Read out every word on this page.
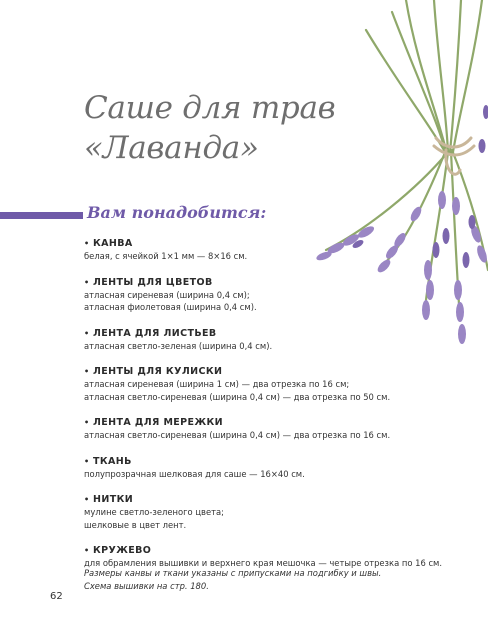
Саше для трав
«Лаванда»
Вам понадобится:
• КАНВА
белая, с ячейкой 1×1 мм — 8×16 см.
• ЛЕНТЫ ДЛЯ ЦВЕТОВ
атласная сиреневая (ширина 0,4 см);
атласная фиолетовая (ширина 0,4 см).
• ЛЕНТА ДЛЯ ЛИСТЬЕВ
атласная светло-зеленая (ширина 0,4 см).
• ЛЕНТЫ ДЛЯ КУЛИСКИ
атласная сиреневая (ширина 1 см) — два отрезка по 16 см;
атласная светло-сиреневая (ширина 0,4 см) — два отрезка по 50 см.
• ЛЕНТА ДЛЯ МЕРЕЖКИ
атласная светло-сиреневая (ширина 0,4 см) — два отрезка по 16 см.
• ТКАНЬ
полупрозрачная шелковая для саше — 16×40 см.
• НИТКИ
мулине светло-зеленого цвета;
шелковые в цвет лент.
• КРУЖЕВО
для обрамления вышивки и верхнего края мешочка — четыре отрезка по 16 см.
Размеры канвы и ткани указаны с припусками на подгибку и швы.
Схема вышивки на стр. 180.
62
